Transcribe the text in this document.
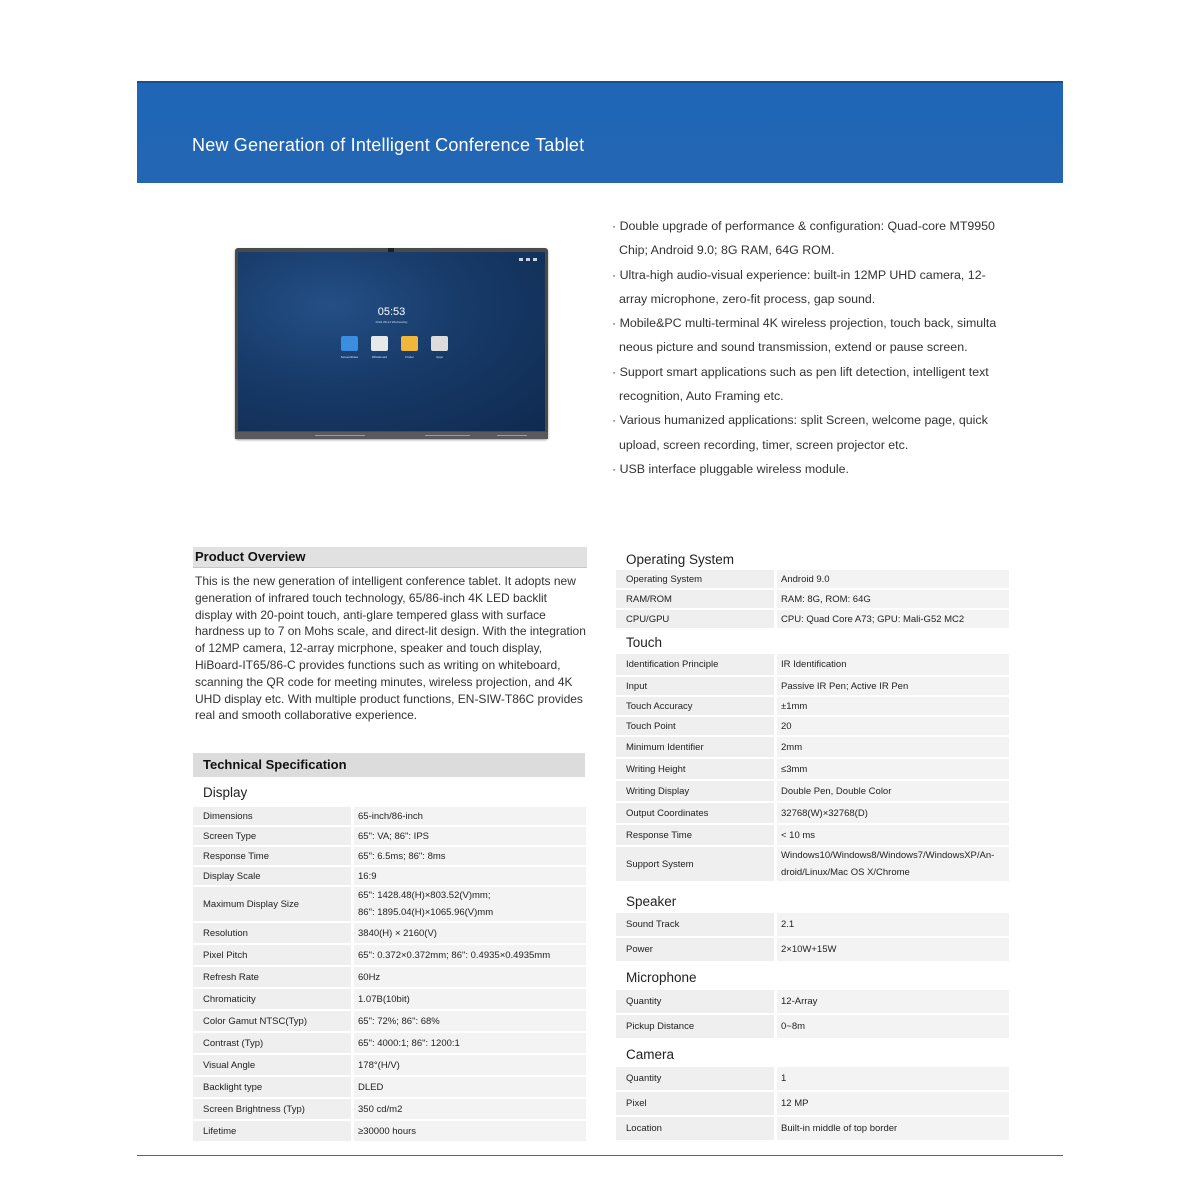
New Generation of Intelligent Conference Tablet
05:53
2022-08-14 Wednesday
ScreenShare	Whiteboard	Finder	Apps

· Double upgrade of performance & configuration: Quad-core MT9950 Chip; Android 9.0; 8G RAM, 64G ROM.

· Ultra-high audio-visual experience: built-in 12MP UHD camera, 12-array microphone, zero-fit process, gap sound.

· Mobile&PC multi-terminal 4K wireless projection, touch back, simulta neous picture and sound transmission, extend or pause screen.

· Support smart applications such as pen lift detection, intelligent text recognition, Auto Framing etc.

· Various humanized applications: split Screen, welcome page, quick upload, screen recording, timer, screen projector etc.

· USB interface pluggable wireless module.

Product Overview

This is the new generation of intelligent conference tablet. It adopts new generation of infrared touch technology, 65/86-inch 4K LED backlit display with 20-point touch, anti-glare tempered glass with surface hardness up to 7 on Mohs scale, and direct-lit design. With the integration of 12MP camera, 12-array micrphone, speaker and touch display, HiBoard-IT65/86-C provides functions such as writing on whiteboard, scanning the QR code for meeting minutes, wireless projection, and 4K UHD display etc. With multiple product functions, EN-SIW-T86C provides real and smooth collaborative experience.

Technical Specification
Display
Dimensions	65-inch/86-inch
Screen Type	65": VA; 86": IPS
Response Time	65": 6.5ms; 86": 8ms
Display Scale	16:9
Maximum Display Size	65": 1428.48(H)×803.52(V)mm;
86": 1895.04(H)×1065.96(V)mm
Resolution	3840(H) × 2160(V)
Pixel Pitch	65": 0.372×0.372mm; 86": 0.4935×0.4935mm
Refresh Rate	60Hz
Chromaticity	1.07B(10bit)
Color Gamut NTSC(Typ)	65": 72%; 86": 68%
Contrast (Typ)	65": 4000:1; 86": 1200:1
Visual Angle	178°(H/V)
Backlight type	DLED
Screen Brightness (Typ)	350 cd/m2
Lifetime	≥30000 hours
Operating System
Operating System	Android 9.0
RAM/ROM	RAM: 8G, ROM: 64G
CPU/GPU	CPU: Quad Core A73; GPU: Mali-G52 MC2
Touch
Identification Principle	IR Identification
Input	Passive IR Pen; Active IR Pen
Touch Accuracy	±1mm
Touch Point	20
Minimum Identifier	2mm
Writing Height	≤3mm
Writing Display	Double Pen, Double Color
Output Coordinates	32768(W)×32768(D)
Response Time	< 10 ms
Support System	Windows10/Windows8/Windows7/WindowsXP/An-
droid/Linux/Mac OS X/Chrome
Speaker
Sound Track	2.1
Power	2×10W+15W
Microphone
Quantity	12-Array
Pickup Distance	0~8m
Camera
Quantity	1
Pixel	12 MP
Location	Built-in middle of top border
